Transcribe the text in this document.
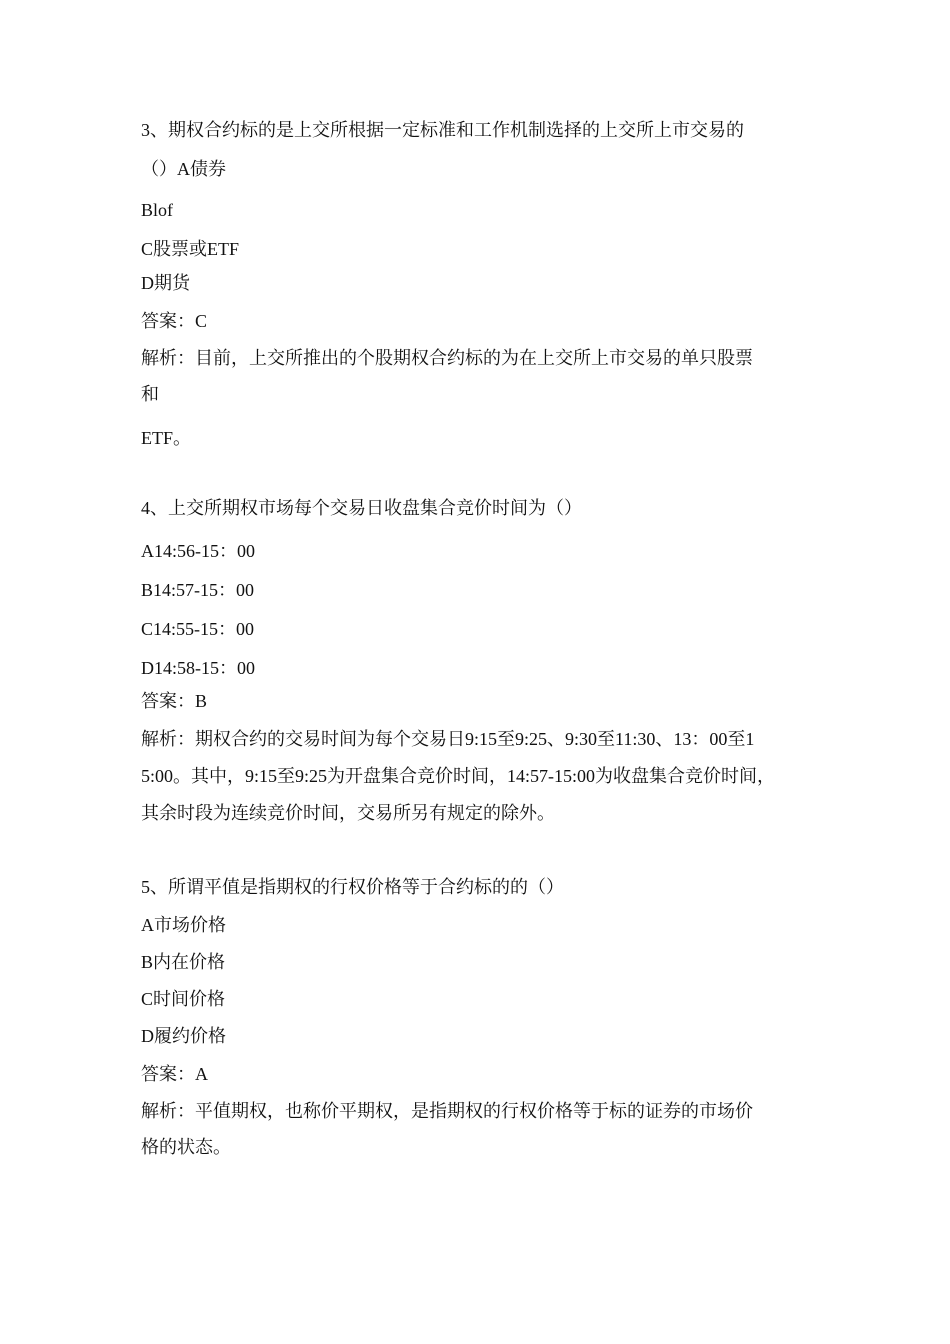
3、期权合约标的是上交所根据一定标准和工作机制选择的上交所上市交易的
（）A债券
Blof
C股票或ETF
D期货
答案：C
解析：目前，上交所推出的个股期权合约标的为在上交所上市交易的单只股票
和
ETF。
4、上交所期权市场每个交易日收盘集合竞价时间为（）
A14:56-15：00
B14:57-15：00
C14:55-15：00
D14:58-15：00
答案：B
解析：期权合约的交易时间为每个交易日9:15至9:25、9:30至11:30、13：00至1
5:00。其中，9:15至9:25为开盘集合竞价时间，14:57-15:00为收盘集合竞价时间，
其余时段为连续竞价时间，交易所另有规定的除外。
5、所谓平值是指期权的行权价格等于合约标的的（）
A市场价格
B内在价格
C时间价格
D履约价格
答案：A
解析：平值期权，也称价平期权，是指期权的行权价格等于标的证券的市场价
格的状态。
